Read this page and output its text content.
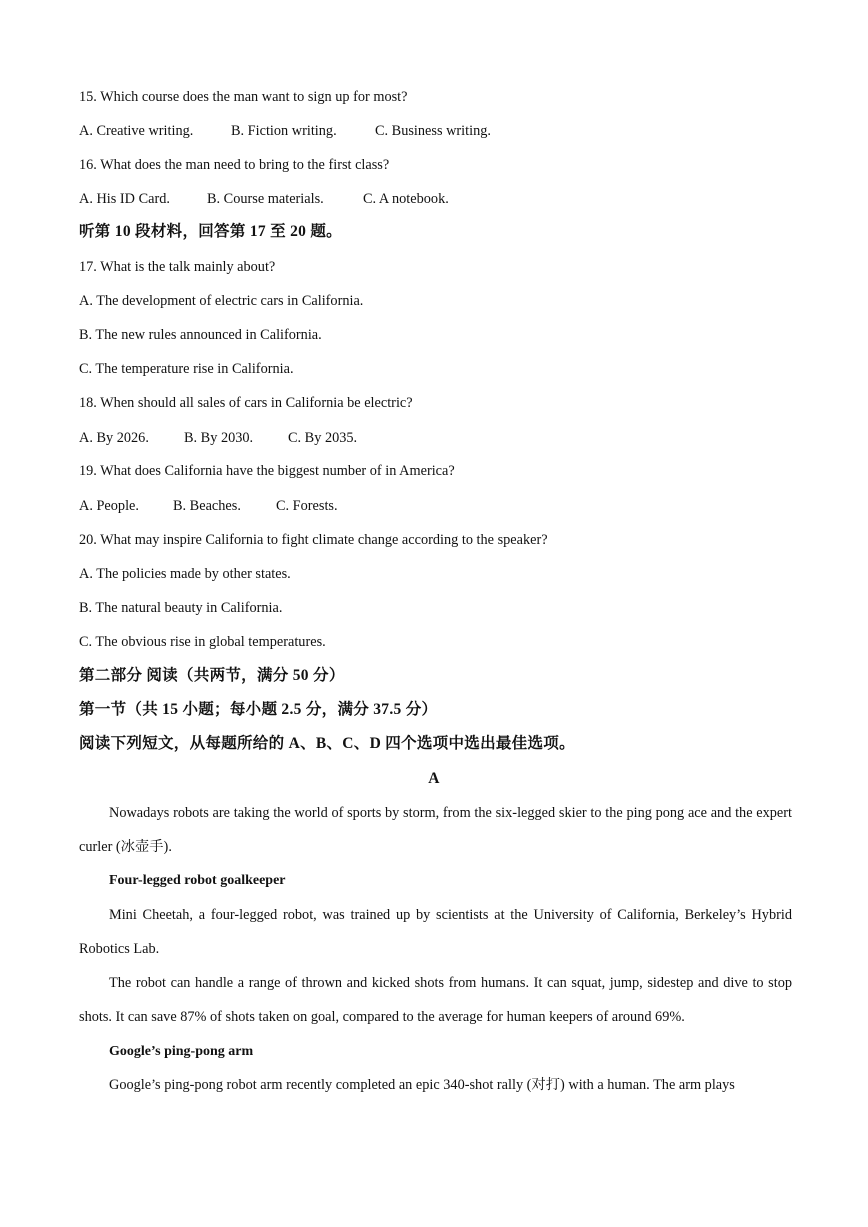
15. Which course does the man want to sign up for most?
A. Creative writing.	B. Fiction writing.	C. Business writing.
16. What does the man need to bring to the first class?
A. His ID Card.	B. Course materials.	C. A notebook.
听第 10 段材料，回答第 17 至 20 题。
17. What is the talk mainly about?
A. The development of electric cars in California.
B. The new rules announced in California.
C. The temperature rise in California.
18. When should all sales of cars in California be electric?
A. By 2026. B. By 2030. C. By 2035.
19. What does California have the biggest number of in America?
A. People. B. Beaches. C. Forests.
20. What may inspire California to fight climate change according to the speaker?
A. The policies made by other states.
B. The natural beauty in California.
C. The obvious rise in global temperatures.
第二部分 阅读（共两节，满分 50 分）
第一节（共 15 小题；每小题 2.5 分，满分 37.5 分）
阅读下列短文，从每题所给的 A、B、C、D 四个选项中选出最佳选项。
A
Nowadays robots are taking the world of sports by storm, from the six-legged skier to the ping pong ace and the expert curler (冰壶手).
Four-legged robot goalkeeper
Mini Cheetah, a four-legged robot, was trained up by scientists at the University of California, Berkeley’s Hybrid Robotics Lab.
The robot can handle a range of thrown and kicked shots from humans. It can squat, jump, sidestep and dive to stop shots. It can save 87% of shots taken on goal, compared to the average for human keepers of around 69%.
Google’s ping-pong arm
Google’s ping-pong robot arm recently completed an epic 340-shot rally (对打) with a human. The arm plays
